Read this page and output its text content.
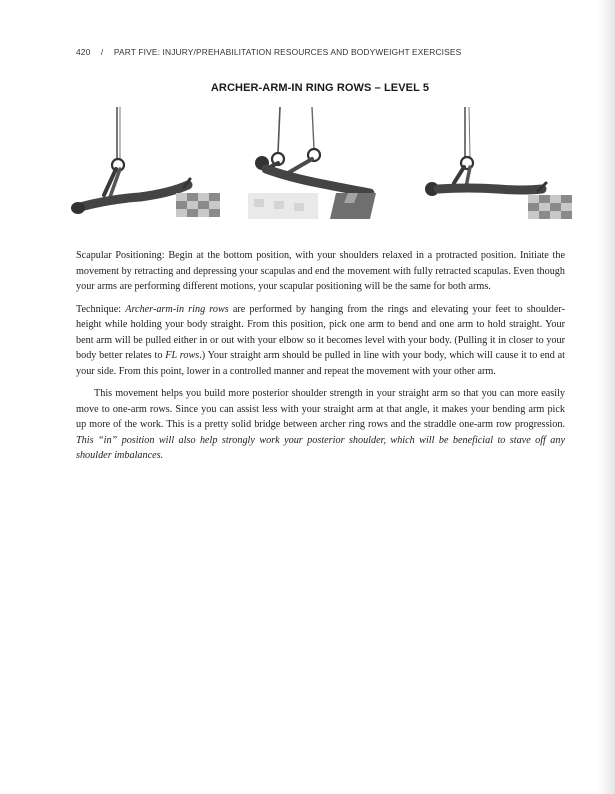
420 / PART FIVE: INJURY/PREHABILITATION RESOURCES AND BODYWEIGHT EXERCISES
ARCHER-ARM-IN RING ROWS – LEVEL 5

Scapular Positioning: Begin at the bottom position, with your shoulders relaxed in a protracted position. Initiate the movement by retracting and depressing your scapulas and end the movement with fully retracted scapulas. Even though your arms are performing different motions, your scapular positioning will be the same for both arms.

Technique: Archer-arm-in ring rows are performed by hanging from the rings and elevating your feet to shoulder-height while holding your body straight. From this position, pick one arm to bend and one arm to hold straight. Your bent arm will be pulled either in or out with your elbow so it becomes level with your body. (Pulling it in closer to your body better relates to FL rows.) Your straight arm should be pulled in line with your body, which will cause it to end at your side. From this point, lower in a controlled manner and repeat the movement with your other arm.

This movement helps you build more posterior shoulder strength in your straight arm so that you can more easily move to one-arm rows. Since you can assist less with your straight arm at that angle, it makes your bending arm pick up more of the work. This is a pretty solid bridge between archer ring rows and the straddle one-arm row progression. This “in” position will also help strongly work your posterior shoulder, which will be beneficial to stave off any shoulder imbalances.
